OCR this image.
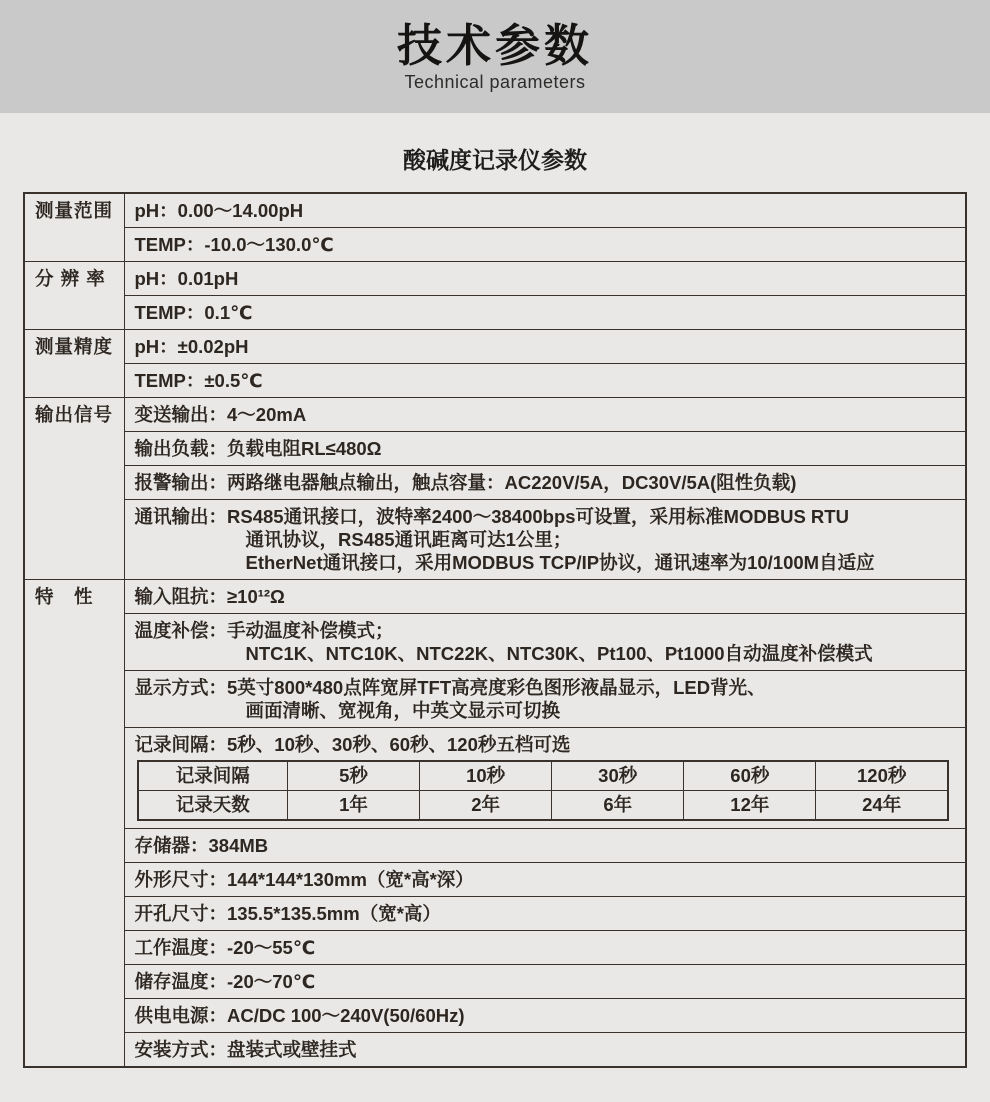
技术参数
Technical parameters
酸碱度记录仪参数
测量范围	pH：0.00～14.00pH

TEMP：-10.0～130.0℃

分 辨 率	pH：0.01pH

TEMP：0.1℃

测量精度	pH：±0.02pH

TEMP：±0.5℃

输出信号	变送输出：4～20mA

输出负载：负载电阻RL≤480Ω

报警输出：两路继电器触点输出，触点容量：AC220V/5A，DC30V/5A(阻性负载)

通讯输出：RS485通讯接口，波特率2400～38400bps可设置，采用标准MODBUS RTU
通讯协议，RS485通讯距离可达1公里；
EtherNet通讯接口，采用MODBUS TCP/IP协议，通讯速率为10/100M自适应

特　性	输入阻抗：≥10¹²Ω

温度补偿：手动温度补偿模式；
NTC1K、NTC10K、NTC22K、NTC30K、Pt100、Pt1000自动温度补偿模式

显示方式：5英寸800*480点阵宽屏TFT高亮度彩色图形液晶显示，LED背光、
画面清晰、宽视角，中英文显示可切换

记录间隔：5秒、10秒、30秒、60秒、120秒五档可选
记录间隔	5秒	10秒	30秒	60秒	120秒
记录天数	1年	2年	6年	12年	24年

存储器：384MB

外形尺寸：144*144*130mm（宽*高*深）

开孔尺寸：135.5*135.5mm（宽*高）

工作温度：-20～55℃

储存温度：-20～70℃

供电电源：AC/DC 100～240V(50/60Hz)

安装方式：盘装式或壁挂式
